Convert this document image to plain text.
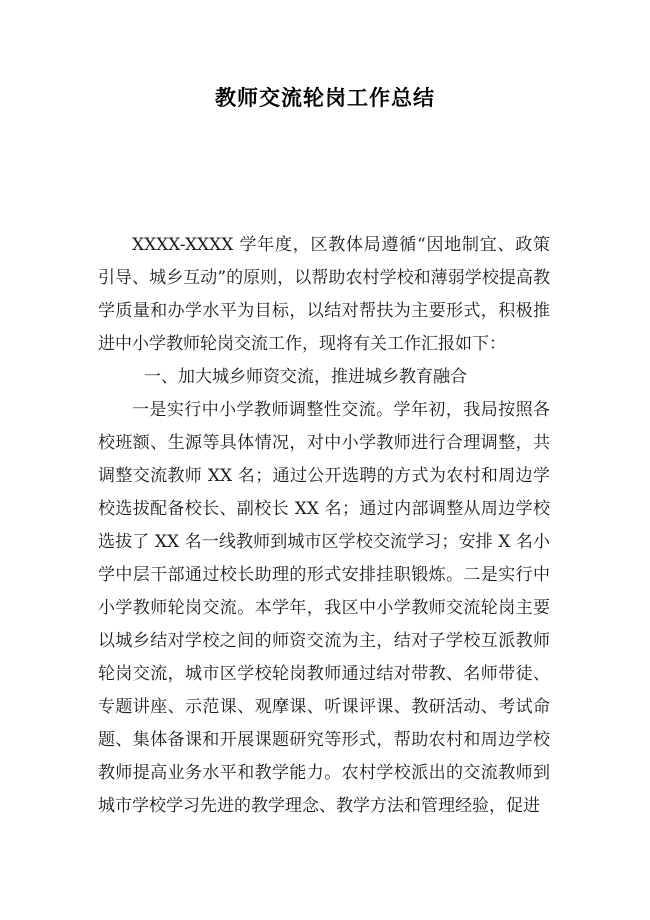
教师交流轮岗工作总结

XXXX-XXXX 学年度，区教体局遵循“因地制宜、政策引导、城乡互动”的原则，以帮助农村学校和薄弱学校提高教学质量和办学水平为目标，以结对帮扶为主要形式，积极推进中小学教师轮岗交流工作，现将有关工作汇报如下：

一、加大城乡师资交流，推进城乡教育融合

一是实行中小学教师调整性交流。学年初，我局按照各校班额、生源等具体情况，对中小学教师进行合理调整，共调整交流教师 XX 名；通过公开选聘的方式为农村和周边学校选拔配备校长、副校长 XX 名；通过内部调整从周边学校选拔了 XX 名一线教师到城市区学校交流学习；安排 X 名小学中层干部通过校长助理的形式安排挂职锻炼。二是实行中小学教师轮岗交流。本学年，我区中小学教师交流轮岗主要以城乡结对学校之间的师资交流为主，结对子学校互派教师轮岗交流，城市区学校轮岗教师通过结对带教、名师带徒、专题讲座、示范课、观摩课、听课评课、教研活动、考试命题、集体备课和开展课题研究等形式，帮助农村和周边学校教师提高业务水平和教学能力。农村学校派出的交流教师到城市学校学习先进的教学理念、教学方法和管理经验，促进
